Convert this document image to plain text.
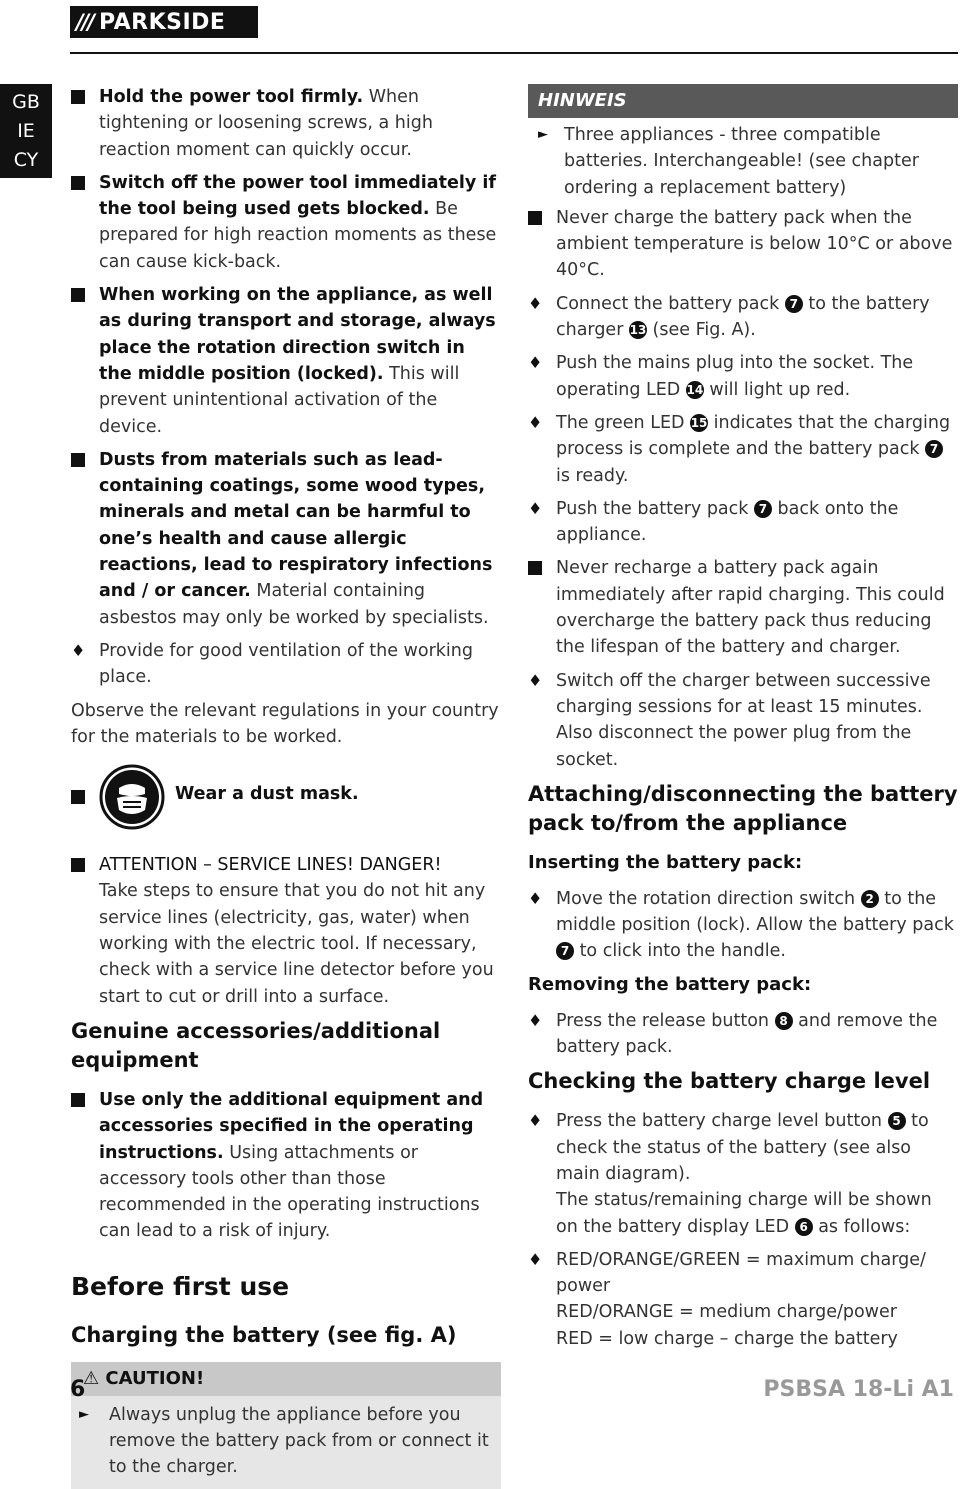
/// PARKSIDE
GB
IE
CY
Hold the power tool firmly. When tightening or loosening screws, a high reaction moment can quickly occur.
Switch off the power tool immediately if the tool being used gets blocked. Be prepared for high reaction moments as these can cause kick-back.
When working on the appliance, as well as during transport and storage, always place the rotation direction switch in the middle position (locked). This will prevent unintentional activation of the device.
Dusts from materials such as lead-containing coatings, some wood types, minerals and metal can be harmful to one’s health and cause allergic reactions, lead to respiratory infections and / or cancer. Material containing asbestos may only be worked by specialists.
♦ Provide for good ventilation of the working place.
Observe the relevant regulations in your country for the materials to be worked.
Wear a dust mask.
ATTENTION – SERVICE LINES! DANGER!
Take steps to ensure that you do not hit any service lines (electricity, gas, water) when working with the electric tool. If necessary, check with a service line detector before you start to cut or drill into a surface.
Genuine accessories/additional equipment
Use only the additional equipment and accessories specified in the operating instructions. Using attachments or accessory tools other than those recommended in the operating instructions can lead to a risk of injury.
Before first use
Charging the battery (see fig. A)
⚠ CAUTION!
► Always unplug the appliance before you remove the battery pack from or connect it to the charger.
HINWEIS
► Three appliances - three compatible batteries. Interchangeable! (see chapter ordering a replacement battery)
Never charge the battery pack when the ambient temperature is below 10°C or above 40°C.
♦ Connect the battery pack 7 to the battery charger 13 (see Fig. A).
♦ Push the mains plug into the socket. The operating LED 14 will light up red.
♦ The green LED 15 indicates that the charging process is complete and the battery pack 7 is ready.
♦ Push the battery pack 7 back onto the appliance.
Never recharge a battery pack again immediately after rapid charging. This could overcharge the battery pack thus reducing the lifespan of the battery and charger.
♦ Switch off the charger between successive charging sessions for at least 15 minutes. Also disconnect the power plug from the socket.
Attaching/disconnecting the battery pack to/from the appliance
Inserting the battery pack:
♦ Move the rotation direction switch 2 to the middle position (lock). Allow the battery pack 7 to click into the handle.
Removing the battery pack:
♦ Press the release button 8 and remove the battery pack.
Checking the battery charge level
♦ Press the battery charge level button 5 to check the status of the battery (see also main diagram).
The status/remaining charge will be shown on the battery display LED 6 as follows:
♦ RED/ORANGE/GREEN = maximum charge/ power
RED/ORANGE = medium charge/power
RED = low charge – charge the battery
6	PSBSA 18-Li A1
